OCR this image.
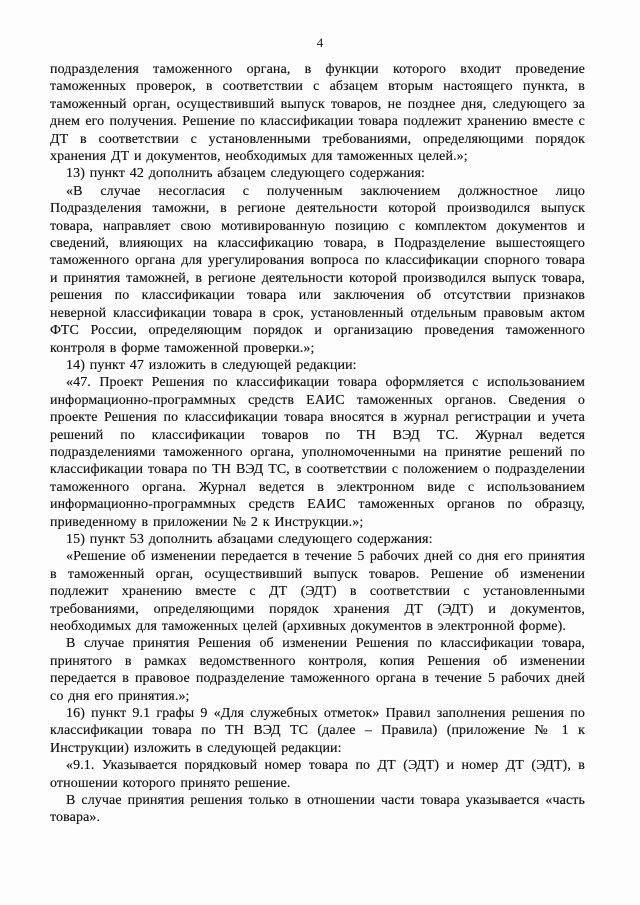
4

подразделения таможенного органа, в функции которого входит проведение таможенных проверок, в соответствии с абзацем вторым настоящего пункта, в таможенный орган, осуществивший выпуск товаров, не позднее дня, следующего за днем его получения. Решение по классификации товара подлежит хранению вместе с ДТ в соответствии с установленными требованиями, определяющими порядок хранения ДТ и документов, необходимых для таможенных целей.»;

13) пункт 42 дополнить абзацем следующего содержания:

«В случае несогласия с полученным заключением должностное лицо Подразделения таможни, в регионе деятельности которой производился выпуск товара, направляет свою мотивированную позицию с комплектом документов и сведений, влияющих на классификацию товара, в Подразделение вышестоящего таможенного органа для урегулирования вопроса по классификации спорного товара и принятия таможней, в регионе деятельности которой производился выпуск товара, решения по классификации товара или заключения об отсутствии признаков неверной классификации товара в срок, установленный отдельным правовым актом ФТС России, определяющим порядок и организацию проведения таможенного контроля в форме таможенной проверки.»;

14) пункт 47 изложить в следующей редакции:

«47. Проект Решения по классификации товара оформляется с использованием информационно-программных средств ЕАИС таможенных органов. Сведения о проекте Решения по классификации товара вносятся в журнал регистрации и учета решений по классификации товаров по ТН ВЭД ТС. Журнал ведется подразделениями таможенного органа, уполномоченными на принятие решений по классификации товара по ТН ВЭД ТС, в соответствии с положением о подразделении таможенного органа. Журнал ведется в электронном виде с использованием информационно-программных средств ЕАИС таможенных органов по образцу, приведенному в приложении № 2 к Инструкции.»;

15) пункт 53 дополнить абзацами следующего содержания:

«Решение об изменении передается в течение 5 рабочих дней со дня его принятия в таможенный орган, осуществивший выпуск товаров. Решение об изменении подлежит хранению вместе с ДТ (ЭДТ) в соответствии с установленными требованиями, определяющими порядок хранения ДТ (ЭДТ) и документов, необходимых для таможенных целей (архивных документов в электронной форме).

В случае принятия Решения об изменении Решения по классификации товара, принятого в рамках ведомственного контроля, копия Решения об изменении передается в правовое подразделение таможенного органа в течение 5 рабочих дней со дня его принятия.»;

16) пункт 9.1 графы 9 «Для служебных отметок» Правил заполнения решения по классификации товара по ТН ВЭД ТС (далее – Правила) (приложение № 1 к Инструкции) изложить в следующей редакции:

«9.1. Указывается порядковый номер товара по ДТ (ЭДТ) и номер ДТ (ЭДТ), в отношении которого принято решение.

В случае принятия решения только в отношении части товара указывается «часть товара».
